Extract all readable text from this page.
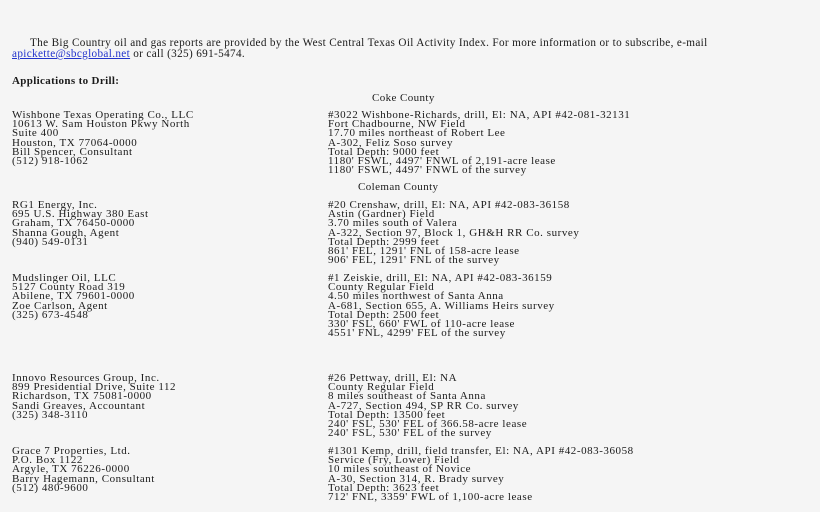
The Big Country oil and gas reports are provided by the West Central Texas Oil Activity Index. For more information or to subscribe, e-mail apickette@sbcglobal.net or call (325) 691-5474.
Applications to Drill:
Coke County
Coleman County
Wishbone Texas Operating Co., LLC
10613 W. Sam Houston Pkwy North
Suite 400
Houston, TX 77064-0000
Bill Spencer, Consultant
(512) 918-1062
#3022 Wishbone-Richards, drill, El: NA, API #42-081-32131
Fort Chadbourne, NW Field
17.70 miles northeast of Robert Lee
A-302, Feliz Soso survey
Total Depth: 9000 feet
1180' FSWL, 4497' FNWL of 2,191-acre lease
1180' FSWL, 4497' FNWL of the survey
RG1 Energy, Inc.
695 U.S. Highway 380 East
Graham, TX 76450-0000
Shanna Gough, Agent
(940) 549-0131
#20 Crenshaw, drill, El: NA, API #42-083-36158
Astin (Gardner) Field
3.70 miles south of Valera
A-322, Section 97, Block 1, GH&H RR Co. survey
Total Depth: 2999 feet
861' FEL, 1291' FNL of 158-acre lease
906' FEL, 1291' FNL of the survey
Mudslinger Oil, LLC
5127 County Road 319
Abilene, TX 79601-0000
Zoe Carlson, Agent
(325) 673-4548
#1 Zeiskie, drill, El: NA, API #42-083-36159
County Regular Field
4.50 miles northwest of Santa Anna
A-681, Section 655, A. Williams Heirs survey
Total Depth: 2500 feet
330' FSL, 660' FWL of 110-acre lease
4551' FNL, 4299' FEL of the survey
Innovo Resources Group, Inc.
899 Presidential Drive, Suite 112
Richardson, TX 75081-0000
Sandi Greaves, Accountant
(325) 348-3110
#26 Pettway, drill, El: NA
County Regular Field
8 miles southeast of Santa Anna
A-727, Section 494, SP RR Co. survey
Total Depth: 13500 feet
240' FSL, 530' FEL of 366.58-acre lease
240' FSL, 530' FEL of the survey
Grace 7 Properties, Ltd.
P.O. Box 1122
Argyle, TX 76226-0000
Barry Hagemann, Consultant
(512) 480-9600
#1301 Kemp, drill, field transfer, El: NA, API #42-083-36058
Service (Fry, Lower) Field
10 miles southeast of Novice
A-30, Section 314, R. Brady survey
Total Depth: 3623 feet
712' FNL, 3359' FWL of 1,100-acre lease
